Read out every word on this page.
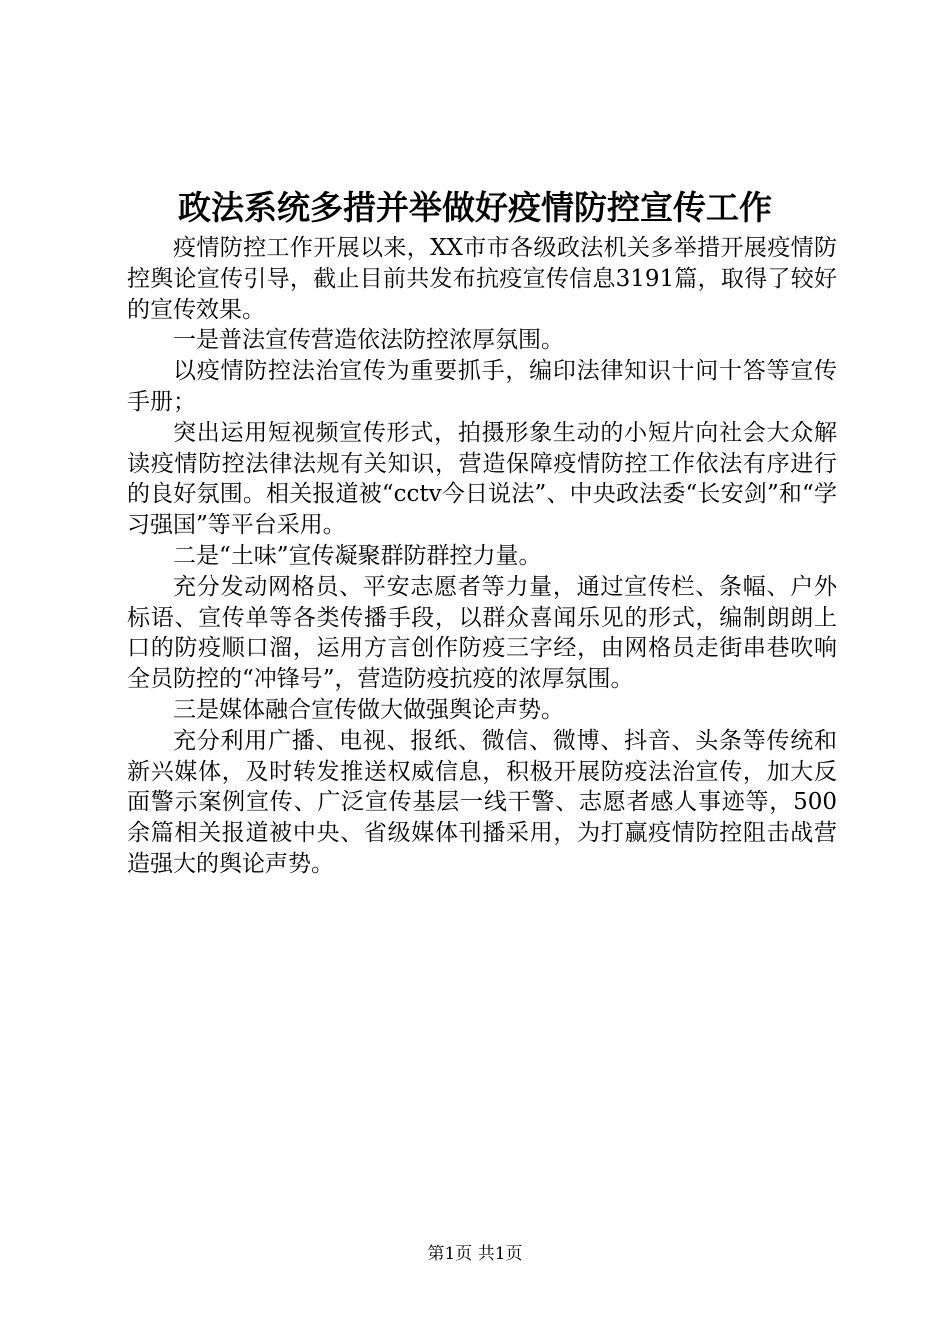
政法系统多措并举做好疫情防控宣传工作

疫情防控工作开展以来，XX市市各级政法机关多举措开展疫情防控舆论宣传引导，截止目前共发布抗疫宣传信息3191篇，取得了较好的宣传效果。

一是普法宣传营造依法防控浓厚氛围。

以疫情防控法治宣传为重要抓手，编印法律知识十问十答等宣传手册；

突出运用短视频宣传形式，拍摄形象生动的小短片向社会大众解读疫情防控法律法规有关知识，营造保障疫情防控工作依法有序进行的良好氛围。相关报道被“cctv今日说法”、中央政法委“长安剑”和“学习强国”等平台采用。

二是“土味”宣传凝聚群防群控力量。

充分发动网格员、平安志愿者等力量，通过宣传栏、条幅、户外标语、宣传单等各类传播手段，以群众喜闻乐见的形式，编制朗朗上口的防疫顺口溜，运用方言创作防疫三字经，由网格员走街串巷吹响全员防控的“冲锋号”，营造防疫抗疫的浓厚氛围。

三是媒体融合宣传做大做强舆论声势。

充分利用广播、电视、报纸、微信、微博、抖音、头条等传统和新兴媒体，及时转发推送权威信息，积极开展防疫法治宣传，加大反面警示案例宣传、广泛宣传基层一线干警、志愿者感人事迹等，500余篇相关报道被中央、省级媒体刊播采用，为打赢疫情防控阻击战营造强大的舆论声势。

第1页 共1页
